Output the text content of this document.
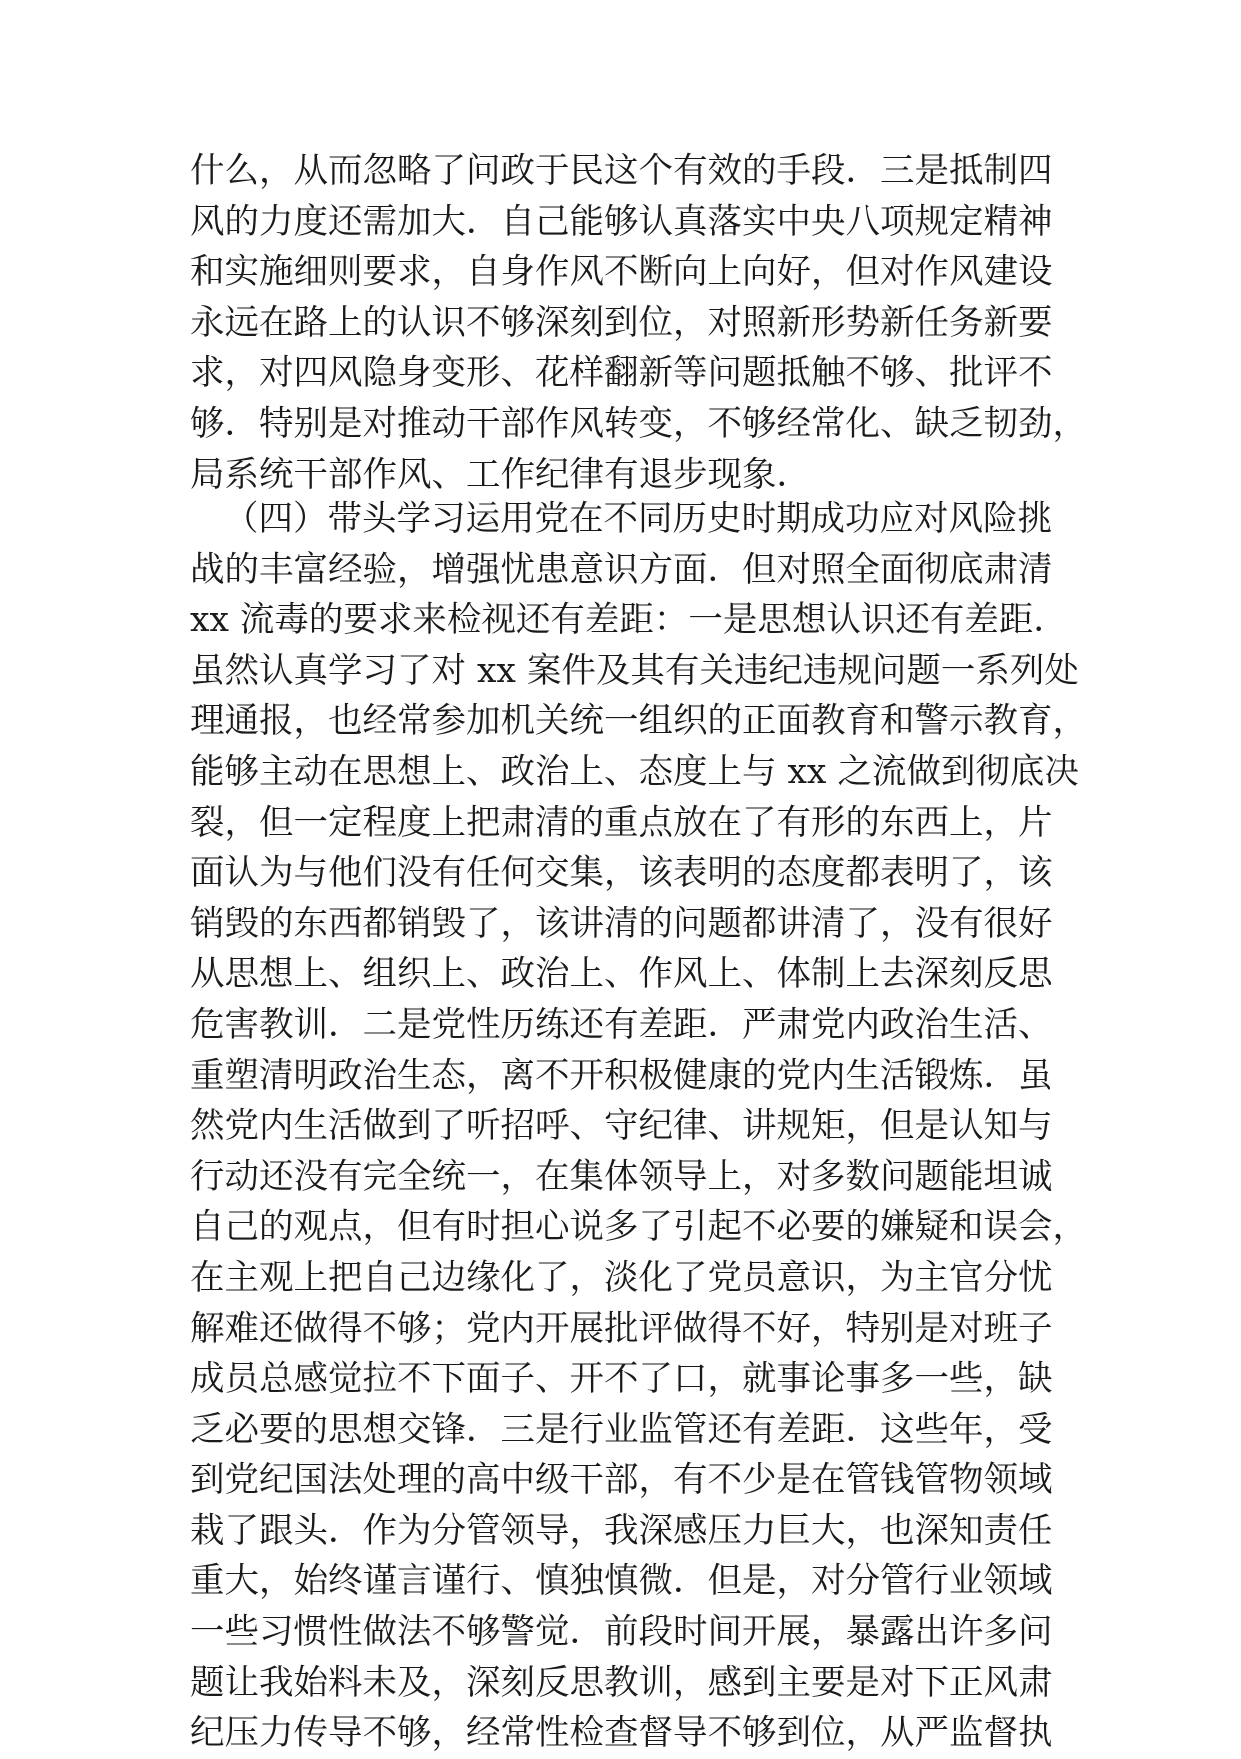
什么，从而忽略了问政于民这个有效的手段．三是抵制四
风的力度还需加大．自己能够认真落实中央八项规定精神
和实施细则要求，自身作风不断向上向好，但对作风建设
永远在路上的认识不够深刻到位，对照新形势新任务新要
求，对四风隐身变形、花样翻新等问题抵触不够、批评不
够．特别是对推动干部作风转变，不够经常化、缺乏韧劲，
局系统干部作风、工作纪律有退步现象．
（四）带头学习运用党在不同历史时期成功应对风险挑
战的丰富经验，增强忧患意识方面．但对照全面彻底肃清
xx 流毒的要求来检视还有差距：一是思想认识还有差距．
虽然认真学习了对 xx 案件及其有关违纪违规问题一系列处
理通报，也经常参加机关统一组织的正面教育和警示教育，
能够主动在思想上、政治上、态度上与 xx 之流做到彻底决
裂，但一定程度上把肃清的重点放在了有形的东西上，片
面认为与他们没有任何交集，该表明的态度都表明了，该
销毁的东西都销毁了，该讲清的问题都讲清了，没有很好
从思想上、组织上、政治上、作风上、体制上去深刻反思
危害教训．二是党性历练还有差距．严肃党内政治生活、
重塑清明政治生态，离不开积极健康的党内生活锻炼．虽
然党内生活做到了听招呼、守纪律、讲规矩，但是认知与
行动还没有完全统一，在集体领导上，对多数问题能坦诚
自己的观点，但有时担心说多了引起不必要的嫌疑和误会，
在主观上把自己边缘化了，淡化了党员意识，为主官分忧
解难还做得不够；党内开展批评做得不好，特别是对班子
成员总感觉拉不下面子、开不了口，就事论事多一些，缺
乏必要的思想交锋．三是行业监管还有差距．这些年，受
到党纪国法处理的高中级干部，有不少是在管钱管物领域
栽了跟头．作为分管领导，我深感压力巨大，也深知责任
重大，始终谨言谨行、慎独慎微．但是，对分管行业领域
一些习惯性做法不够警觉．前段时间开展，暴露出许多问
题让我始料未及，深刻反思教训，感到主要是对下正风肃
纪压力传导不够，经常性检查督导不够到位，从严监督执
